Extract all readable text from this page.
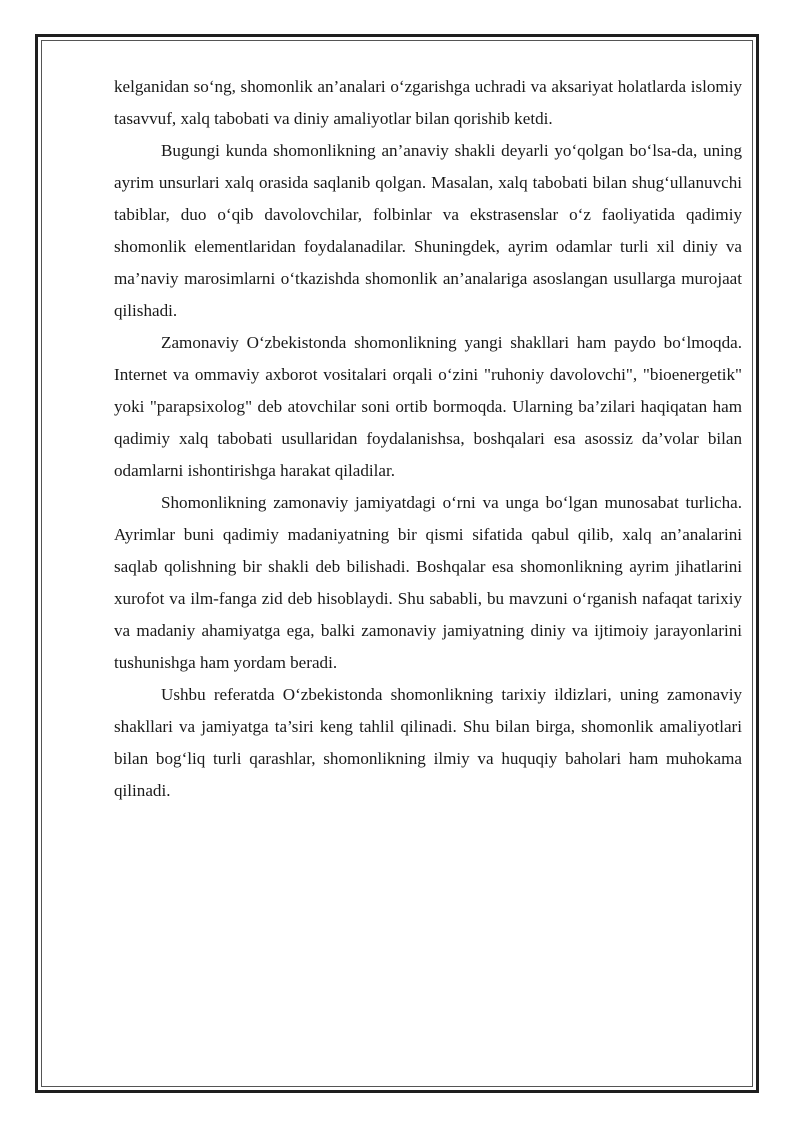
kelganidan so‘ng, shomonlik an’analari o‘zgarishga uchradi va aksariyat holatlarda islomiy tasavvuf, xalq tabobati va diniy amaliyotlar bilan qorishib ketdi.

Bugungi kunda shomonlikning an’anaviy shakli deyarli yo‘qolgan bo‘lsa-da, uning ayrim unsurlari xalq orasida saqlanib qolgan. Masalan, xalq tabobati bilan shug‘ullanuvchi tabiblar, duo o‘qib davolovchilar, folbinlar va ekstrasenslar o‘z faoliyatida qadimiy shomonlik elementlaridan foydalanadilar. Shuningdek, ayrim odamlar turli xil diniy va ma’naviy marosimlarni o‘tkazishda shomonlik an’analariga asoslangan usullarga murojaat qilishadi.

Zamonaviy O‘zbekistonda shomonlikning yangi shakllari ham paydo bo‘lmoqda. Internet va ommaviy axborot vositalari orqali o‘zini "ruhoniy davolovchi", "bioenergetik" yoki "parapsixolog" deb atovchilar soni ortib bormoqda. Ularning ba’zilari haqiqatan ham qadimiy xalq tabobati usullaridan foydalanishsa, boshqalari esa asossiz da’volar bilan odamlarni ishontirishga harakat qiladilar.

Shomonlikning zamonaviy jamiyatdagi o‘rni va unga bo‘lgan munosabat turlicha. Ayrimlar buni qadimiy madaniyatning bir qismi sifatida qabul qilib, xalq an’analarini saqlab qolishning bir shakli deb bilishadi. Boshqalar esa shomonlikning ayrim jihatlarini xurofot va ilm-fanga zid deb hisoblaydi. Shu sababli, bu mavzuni o‘rganish nafaqat tarixiy va madaniy ahamiyatga ega, balki zamonaviy jamiyatning diniy va ijtimoiy jarayonlarini tushunishga ham yordam beradi.

Ushbu referatda O‘zbekistonda shomonlikning tarixiy ildizlari, uning zamonaviy shakllari va jamiyatga ta’siri keng tahlil qilinadi. Shu bilan birga, shomonlik amaliyotlari bilan bog‘liq turli qarashlar, shomonlikning ilmiy va huquqiy baholari ham muhokama qilinadi.
